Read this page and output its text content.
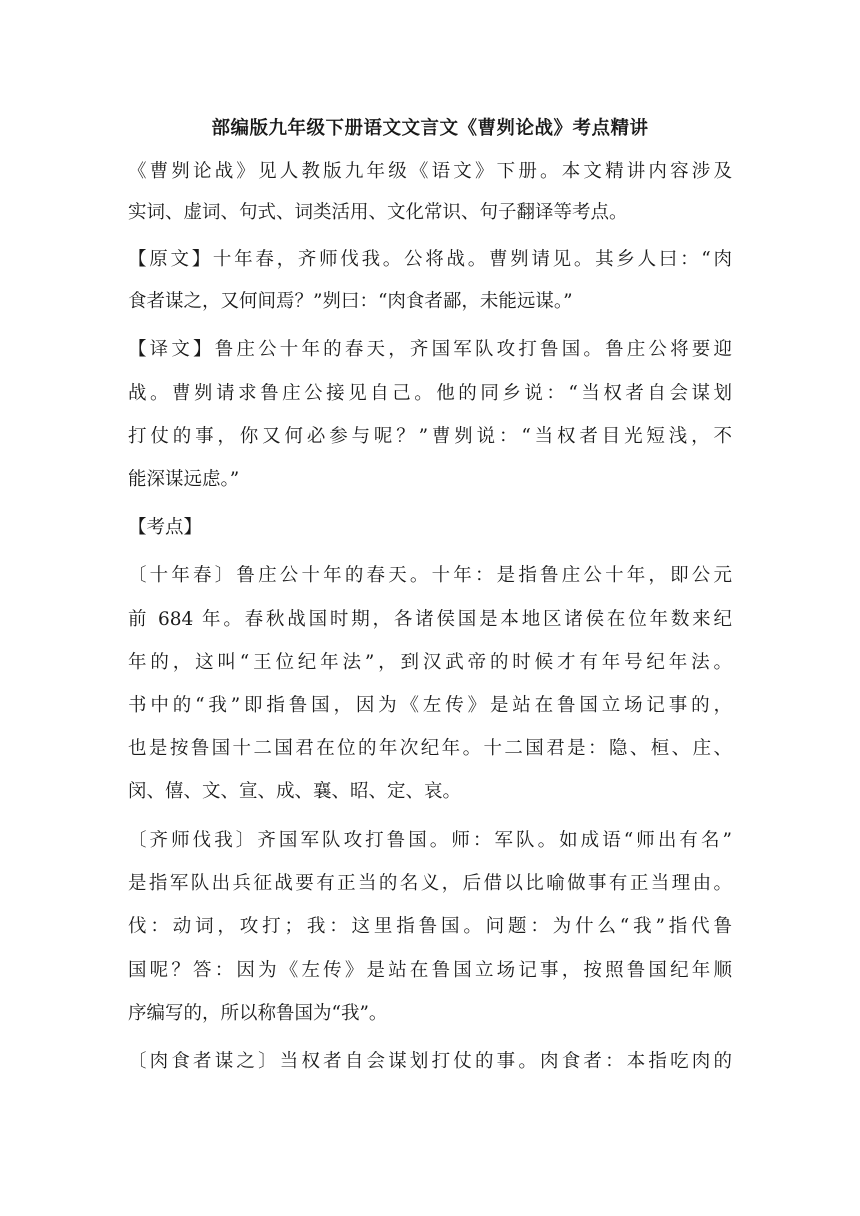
部编版九年级下册语文文言文《曹刿论战》考点精讲
《曹刿论战》见人教版九年级《语文》下册。本文精讲内容涉及
实词、虚词、句式、词类活用、文化常识、句子翻译等考点。
【原文】十年春，齐师伐我。公将战。曹刿请见。其乡人曰：“肉
食者谋之，又何间焉？”刿曰：“肉食者鄙，未能远谋。”
【译文】鲁庄公十年的春天，齐国军队攻打鲁国。鲁庄公将要迎
战。曹刿请求鲁庄公接见自己。他的同乡说：“当权者自会谋划
打仗的事，你又何必参与呢？”曹刿说：“当权者目光短浅，不
能深谋远虑。”
【考点】
〔十年春〕鲁庄公十年的春天。十年：是指鲁庄公十年，即公元
前 684 年。春秋战国时期，各诸侯国是本地区诸侯在位年数来纪
年的，这叫“王位纪年法”，到汉武帝的时候才有年号纪年法。
书中的“我”即指鲁国，因为《左传》是站在鲁国立场记事的，
也是按鲁国十二国君在位的年次纪年。十二国君是：隐、桓、庄、
闵、僖、文、宣、成、襄、昭、定、哀。
〔齐师伐我〕齐国军队攻打鲁国。师：军队。如成语“师出有名”
是指军队出兵征战要有正当的名义，后借以比喻做事有正当理由。
伐：动词，攻打；我：这里指鲁国。问题：为什么“我”指代鲁
国呢？答：因为《左传》是站在鲁国立场记事，按照鲁国纪年顺
序编写的，所以称鲁国为“我”。
〔肉食者谋之〕当权者自会谋划打仗的事。肉食者：本指吃肉的
